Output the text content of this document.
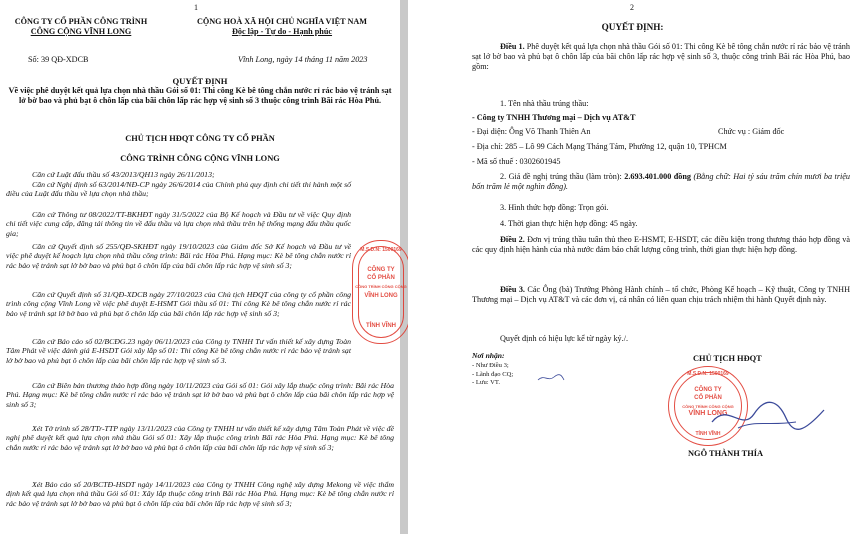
1
CÔNG TY CỔ PHẦN CÔNG TRÌNH
CÔNG CỘNG VĨNH LONG
CỘNG HOÀ XÃ HỘI CHỦ NGHĨA VIỆT NAM
Độc lập - Tự do - Hạnh phúc
Số: 39 QĐ-XDCB	Vĩnh Long, ngày 14 tháng 11 năm 2023
QUYẾT ĐỊNH
Về việc phê duyệt kết quả lựa chọn nhà thầu Gói số 01: Thi công Kè bê tông chắn nước rỉ rác bảo vệ tránh sạt lở bờ bao và phủ bạt ô chôn lấp của bãi chôn lấp rác hợp vệ sinh số 3 thuộc công trình Bãi rác Hòa Phú.
CHỦ TỊCH HĐQT CÔNG TY CỔ PHẦN
CÔNG TRÌNH CÔNG CỘNG VĨNH LONG
Căn cứ Luật đấu thầu số 43/2013/QH13 ngày 26/11/2013;
Căn cứ Nghị định số 63/2014/NĐ-CP ngày 26/6/2014 của Chính phủ quy định chi tiết thi hành một số điều của Luật đấu thầu về lựa chọn nhà thầu;
Căn cứ Thông tư 08/2022/TT-BKHĐT ngày 31/5/2022 của Bộ Kế hoạch và Đầu tư về việc Quy định chi tiết việc cung cấp, đăng tải thông tin về đấu thầu và lựa chọn nhà thầu trên hệ thống mạng đấu thầu quốc gia;
Căn cứ Quyết định số 255/QĐ-SKHĐT ngày 19/10/2023 của Giám đốc Sở Kế hoạch và Đầu tư về việc phê duyệt kế hoạch lựa chọn nhà thầu công trình: Bãi rác Hòa Phú. Hạng mục: Kè bê tông chắn nước rỉ rác bảo vệ tránh sạt lở bờ bao và phủ bạt ô chôn lấp của bãi chôn lấp rác hợp vệ sinh số 3;
Căn cứ Quyết định số 31/QĐ-XDCB ngày 27/10/2023 của Chủ tịch HĐQT của công ty cổ phần công trình công cộng Vĩnh Long về việc phê duyệt E-HSMT Gói thầu số 01: Thi công Kè bê tông chắn nước rỉ rác bảo vệ tránh sạt lở bờ bao và phủ bạt ô chôn lấp của bãi chôn lấp rác hợp vệ sinh số 3;
Căn cứ Báo cáo số 02/BCĐG.23 ngày 06/11/2023 của Công ty TNHH Tư vấn thiết kế xây dựng Toàn Tâm Phát về việc đánh giá E-HSDT Gói xây lắp số 01: Thi công Kè bê tông chắn nước rỉ rác bảo vệ tránh sạt lở bờ bao và phủ bạt ô chôn lấp của bãi chôn lấp rác hợp vệ sinh số 3.
Căn cứ Biên bản thương thảo hợp đồng ngày 10/11/2023 của Gói số 01: Gói xây lắp thuộc công trình: Bãi rác Hòa Phú. Hạng mục: Kè bê tông chắn nước rỉ rác bảo vệ tránh sạt lở bờ bao và phủ bạt ô chôn lấp của bãi chôn lấp rác hợp vệ sinh số 3;
Xét Tờ trình số 28/TTr-TTP ngày 13/11/2023 của Công ty TNHH tư vấn thiết kế xây dựng Tâm Toàn Phát về việc đề nghị phê duyệt kết quả lựa chọn nhà thầu Gói số 01: Xây lắp thuộc công trình Bãi rác Hòa Phú. Hạng mục: Kè bê tông chắn nước rỉ rác bảo vệ tránh sạt lở bờ bao và phủ bạt ô chôn lấp của bãi chôn lấp rác hợp vệ sinh số 3;
Xét Báo cáo số 20/BCTĐ-HSDT ngày 14/11/2023 của Công ty TNHH Công nghệ xây dựng Mekong về việc thẩm định kết quả lựa chọn nhà thầu Gói số 01: Xây lắp thuộc công trình Bãi rác Hòa Phú. Hạng mục: Kè bê tông chắn nước rỉ rác bảo vệ tránh sạt lở bờ bao và phủ bạt ô chôn lấp của bãi chôn lấp rác hợp vệ sinh số 3;
M.S.D.N: 1500169
CÔNG TY
CỔ PHẦN
CÔNG TRÌNH CÔNG CỘNG
VĨNH LONG
TỈNH VĨNH
2
QUYẾT ĐỊNH:
Điều 1. Phê duyệt kết quả lựa chọn nhà thầu Gói số 01: Thi công Kè bê tông chắn nước rỉ rác bảo vệ tránh sạt lở bờ bao và phủ bạt ô chôn lấp của bãi chôn lấp rác hợp vệ sinh số 3, thuộc công trình Bãi rác Hòa Phú, bao gồm:
1. Tên nhà thầu trúng thầu:
- Công ty TNHH Thương mại – Dịch vụ AT&T
- Đại diện: Ông Võ Thanh Thiên An	Chức vụ : Giám đốc
- Địa chỉ: 285 – Lô 99 Cách Mạng Tháng Tám, Phường 12, quận 10, TPHCM
- Mã số thuế : 0302601945
2. Giá đề nghị trúng thầu (làm tròn): 2.693.401.000 đồng (Bằng chữ: Hai tỷ sáu trăm chín mươi ba triệu bốn trăm lẻ một nghìn đồng).
3. Hình thức hợp đồng: Trọn gói.
4. Thời gian thực hiện hợp đồng: 45 ngày.
Điều 2. Đơn vị trúng thầu tuân thủ theo E-HSMT, E-HSDT, các điều kiện trong thương thảo hợp đồng và các quy định hiện hành của nhà nước đảm bảo chất lượng công trình, thời gian thực hiện hợp đồng.
Điều 3. Các Ông (bà) Trưởng Phòng Hành chính – tổ chức, Phòng Kế hoạch – Kỹ thuật, Công ty TNHH Thương mại – Dịch vụ AT&T và các đơn vị, cá nhân có liên quan chịu trách nhiệm thi hành Quyết định này.
Quyết định có hiệu lực kể từ ngày ký./.
Nơi nhận:
- Như Điều 3;
- Lãnh đạo CQ;
- Lưu: VT.
CHỦ TỊCH HĐQT
M.S.D.N: 1500169
CÔNG TY
CỔ PHẦN
CÔNG TRÌNH CÔNG CỘNG
VĨNH LONG
TỈNH VĨNH
NGÔ THÀNH THÍA
